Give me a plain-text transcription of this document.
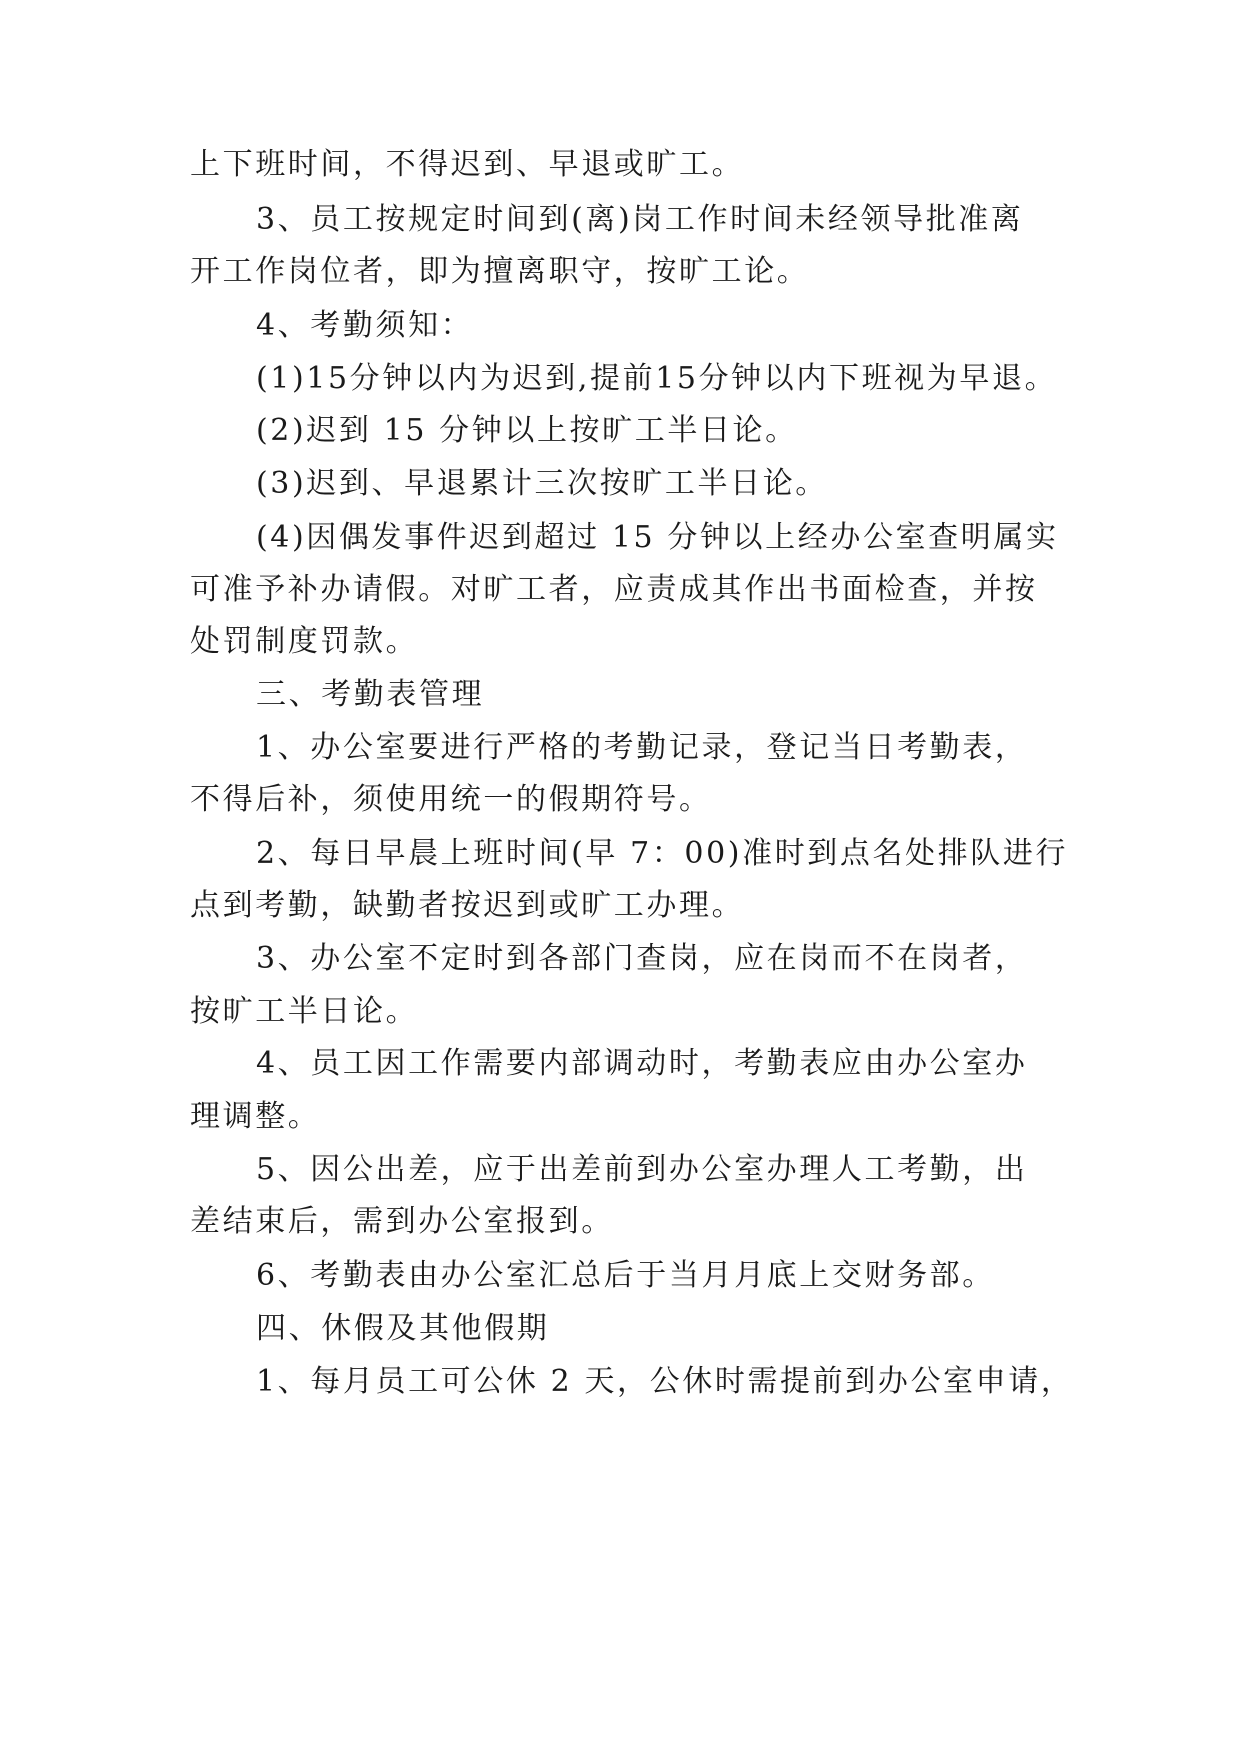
上下班时间，不得迟到、早退或旷工。
3、员工按规定时间到(离)岗工作时间未经领导批准离
开工作岗位者，即为擅离职守，按旷工论。
4、考勤须知：
(1)15分钟以内为迟到,提前15分钟以内下班视为早退。
(2)迟到 15 分钟以上按旷工半日论。
(3)迟到、早退累计三次按旷工半日论。
(4)因偶发事件迟到超过 15 分钟以上经办公室查明属实
可准予补办请假。对旷工者，应责成其作出书面检查，并按
处罚制度罚款。
三、考勤表管理
1、办公室要进行严格的考勤记录，登记当日考勤表，
不得后补，须使用统一的假期符号。
2、每日早晨上班时间(早 7：00)准时到点名处排队进行
点到考勤，缺勤者按迟到或旷工办理。
3、办公室不定时到各部门查岗，应在岗而不在岗者，
按旷工半日论。
4、员工因工作需要内部调动时，考勤表应由办公室办
理调整。
5、因公出差，应于出差前到办公室办理人工考勤，出
差结束后，需到办公室报到。
6、考勤表由办公室汇总后于当月月底上交财务部。
四、休假及其他假期
1、每月员工可公休 2 天，公休时需提前到办公室申请，
